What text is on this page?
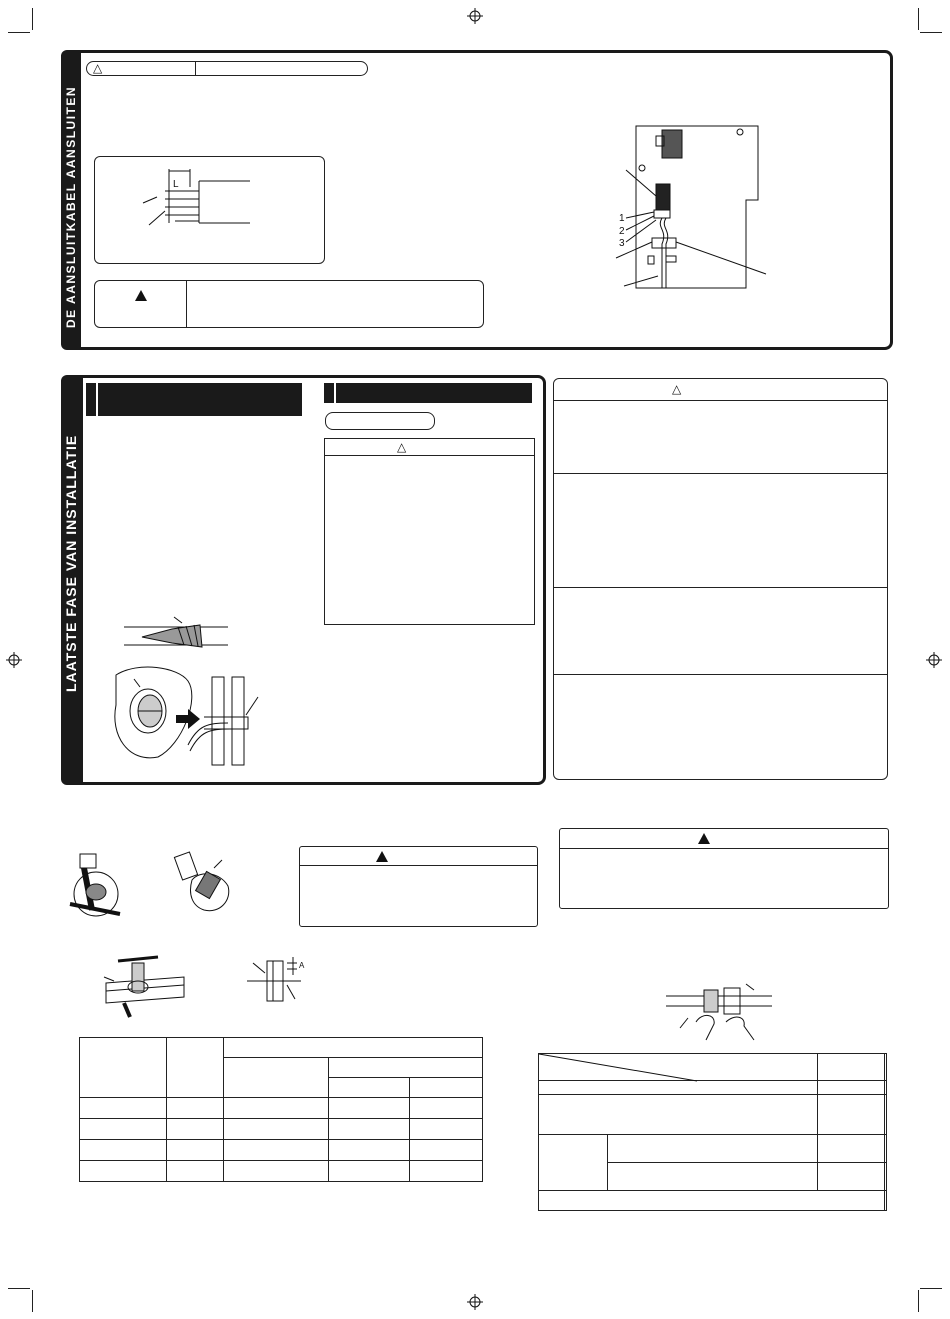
DE AANSLUITKABEL AANSLUITEN
△
L
1
2
3
LAATSTE FASE VAN INSTALLATIE	△
△
A
